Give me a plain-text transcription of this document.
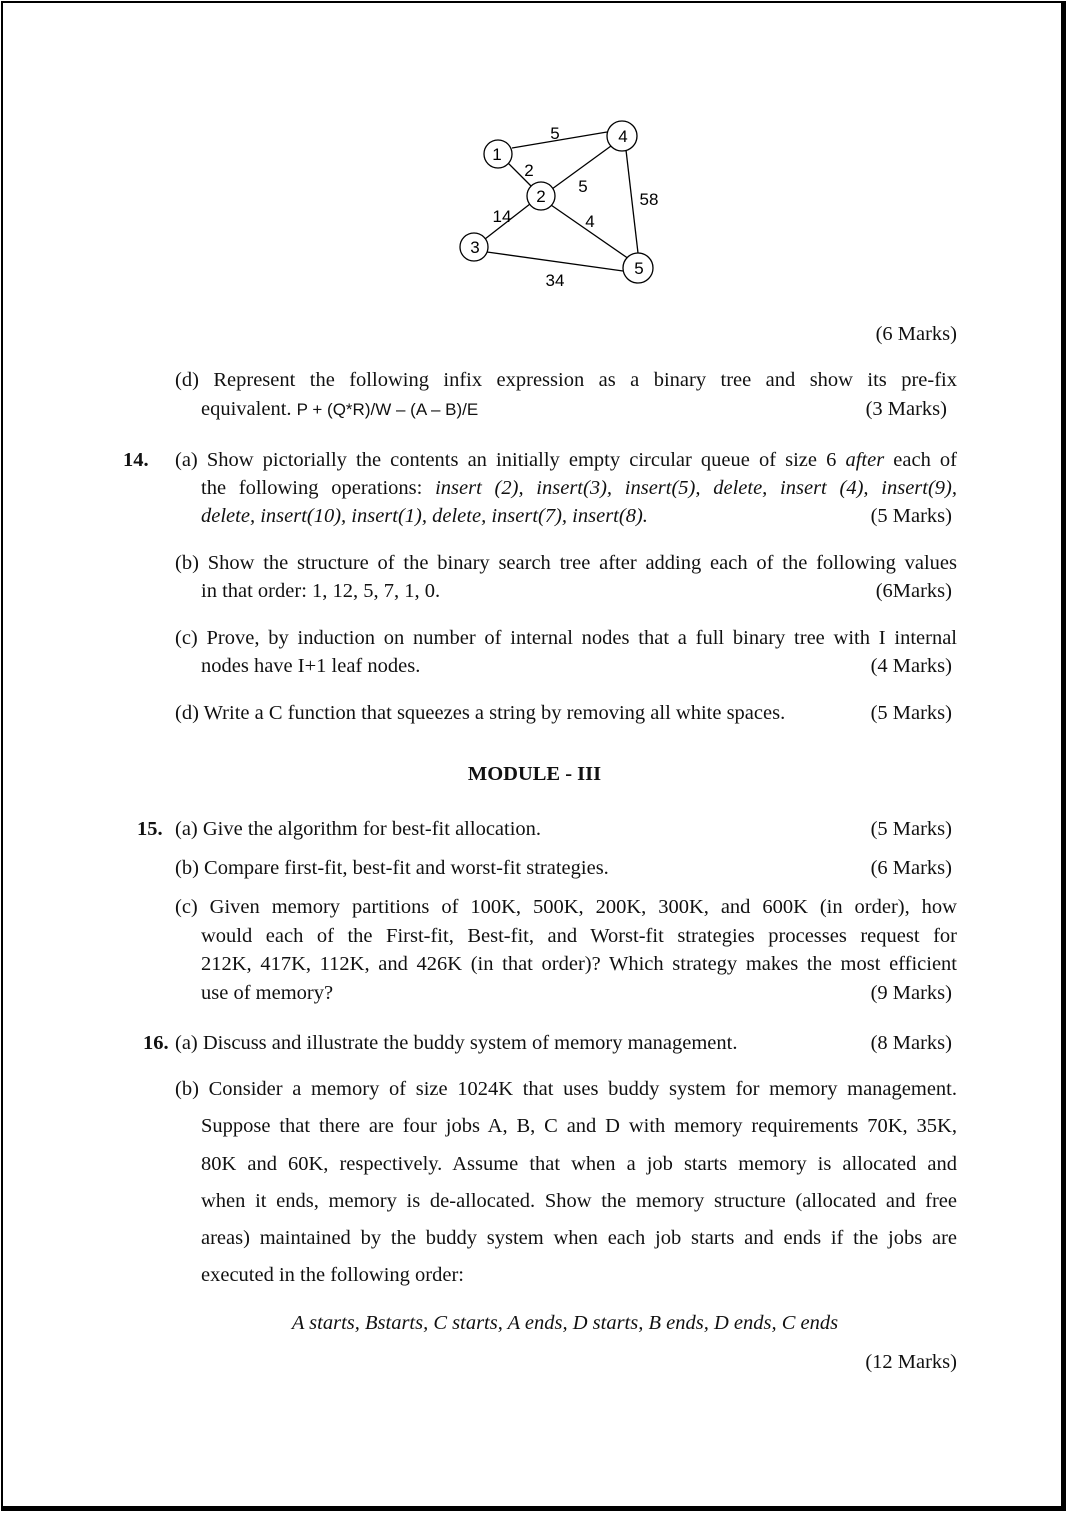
1
2
3
4
5
5
2
5
58
14	4
34
(6 Marks)
(d) Represent the following infix expression as a binary tree and show its pre-fix
equivalent. P + (Q*R)/W – (A – B)/E	(3 Marks)
14. (a) Show pictorially the contents an initially empty circular queue of size 6 after each of
the following operations: insert (2), insert(3), insert(5), delete, insert (4), insert(9),
delete, insert(10), insert(1), delete, insert(7), insert(8).	(5 Marks)
(b) Show the structure of the binary search tree after adding each of the following values
in that order: 1, 12, 5, 7, 1, 0.	(6Marks)
(c) Prove, by induction on number of internal nodes that a full binary tree with I internal
nodes have I+1 leaf nodes.	(4 Marks)
(d) Write a C function that squeezes a string by removing all white spaces.	(5 Marks)
MODULE - III
15. (a) Give the algorithm for best-fit allocation.	(5 Marks)
(b) Compare first-fit, best-fit and worst-fit strategies.	(6 Marks)
(c) Given memory partitions of 100K, 500K, 200K, 300K, and 600K (in order), how
would each of the First-fit, Best-fit, and Worst-fit strategies processes request for
212K, 417K, 112K, and 426K (in that order)? Which strategy makes the most efficient
use of memory?	(9 Marks)
16. (a) Discuss and illustrate the buddy system of memory management.	(8 Marks)
(b) Consider a memory of size 1024K that uses buddy system for memory management.
Suppose that there are four jobs A, B, C and D with memory requirements 70K, 35K,
80K and 60K, respectively. Assume that when a job starts memory is allocated and
when it ends, memory is de-allocated. Show the memory structure (allocated and free
areas) maintained by the buddy system when each job starts and ends if the jobs are
executed in the following order:
A starts, Bstarts, C starts, A ends, D starts, B ends, D ends, C ends
(12 Marks)
